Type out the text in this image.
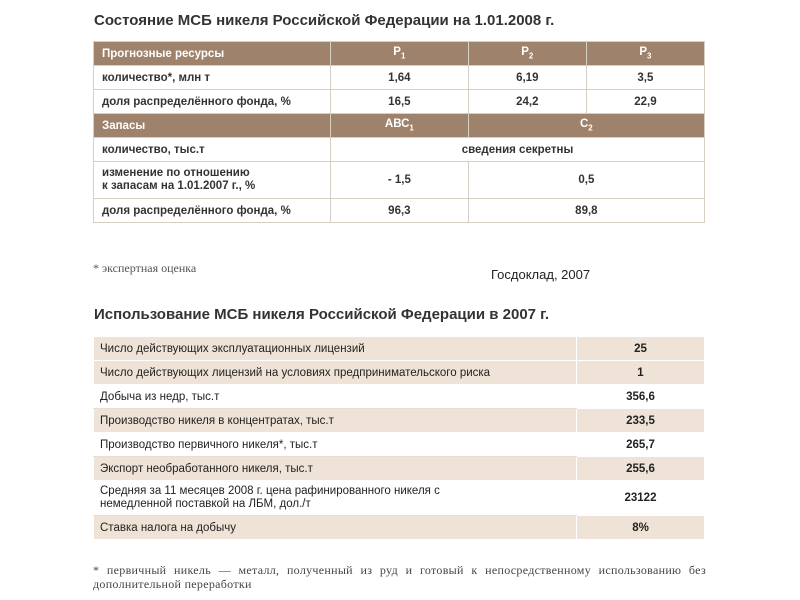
Состояние МСБ никеля Российской Федерации на 1.01.2008 г.
Прогнозные ресурсы	$Р_1$	$Р_2$	$Р_3$
количество*, млн т	1,64	6,19	3,5
доля распределённого фонда, %	16,5	24,2	22,9
Запасы	$АВС_1$	$С_2$
количество, тыс.т	сведения секретны		
изменение по отношению
к запасам на 1.01.2007 г., %	- 1,5	0,5	
доля распределённого фонда, %	96,3	89,8	
* экспертная оценка	Госдоклад, 2007
Использование МСБ никеля Российской Федерации в 2007 г.
Число действующих эксплуатационных лицензий	25
Число действующих лицензий на условиях предпринимательского риска	1
Добыча из недр, тыс.т	356,6
Производство никеля в концентратах, тыс.т	233,5
Производство первичного никеля*, тыс.т	265,7
Экспорт необработанного никеля, тыс.т	255,6
Средняя за 11 месяцев 2008 г. цена рафинированного никеля с
немедленной поставкой на ЛБМ, дол./т	23122
Ставка налога на добычу	8%
* первичный никель — металл, полученный из руд и готовый к непосредственному использованию без дополнительной переработки
